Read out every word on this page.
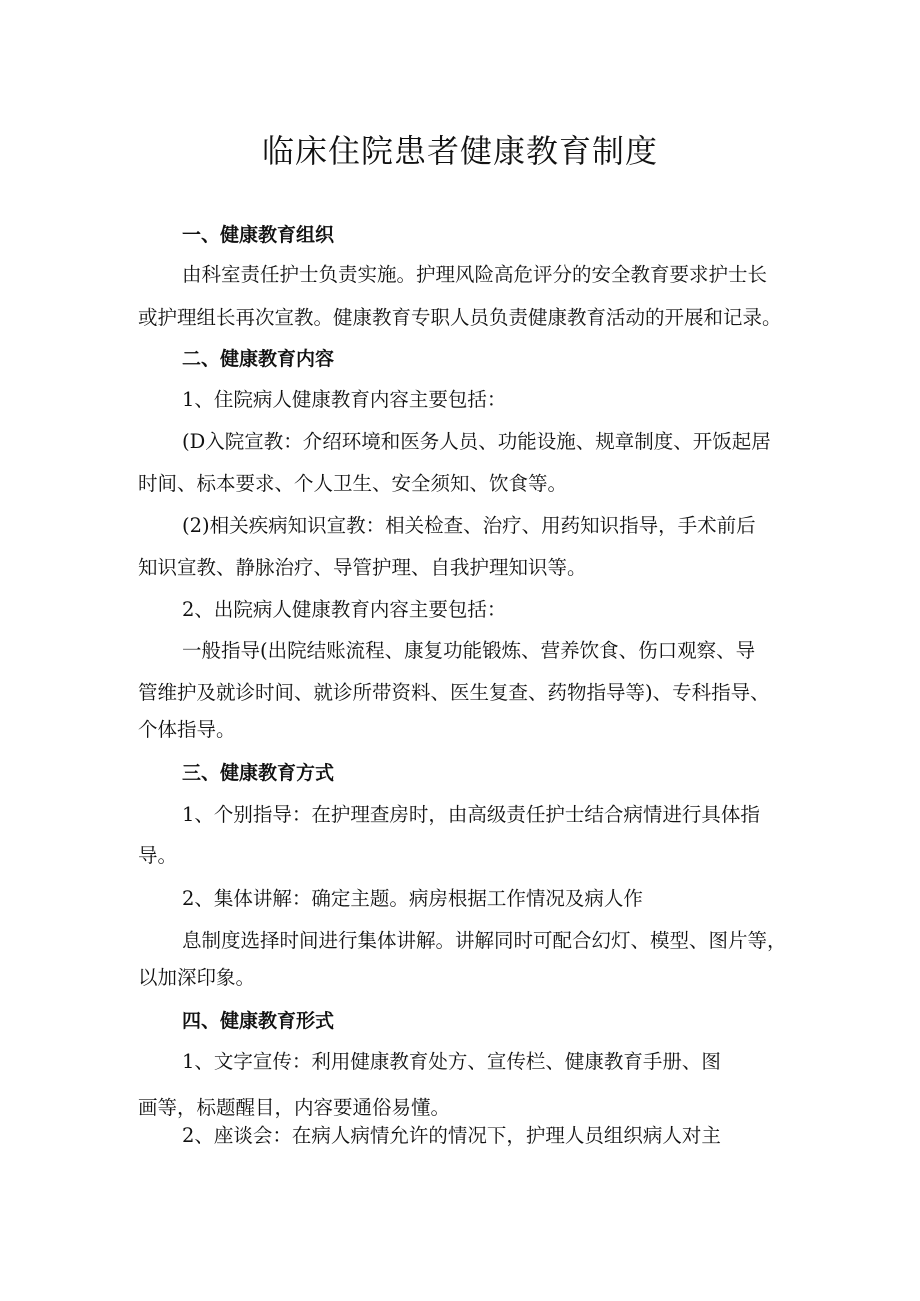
临床住院患者健康教育制度
一、健康教育组织
由科室责任护士负责实施。护理风险高危评分的安全教育要求护士长
或护理组长再次宣教。健康教育专职人员负责健康教育活动的开展和记录。
二、健康教育内容
1、住院病人健康教育内容主要包括：
(D入院宣教：介绍环境和医务人员、功能设施、规章制度、开饭起居
时间、标本要求、个人卫生、安全须知、饮食等。
(2)相关疾病知识宣教：相关检查、治疗、用药知识指导，手术前后
知识宣教、静脉治疗、导管护理、自我护理知识等。
2、出院病人健康教育内容主要包括：
一般指导(出院结账流程、康复功能锻炼、营养饮食、伤口观察、导
管维护及就诊时间、就诊所带资料、医生复查、药物指导等)、专科指导、
个体指导。
三、健康教育方式
1、个别指导：在护理查房时，由高级责任护士结合病情进行具体指
导。
2、集体讲解：确定主题。病房根据工作情况及病人作
息制度选择时间进行集体讲解。讲解同时可配合幻灯、模型、图片等，
以加深印象。
四、健康教育形式
1、文字宣传：利用健康教育处方、宣传栏、健康教育手册、图
画等，标题醒目，内容要通俗易懂。
2、座谈会：在病人病情允许的情况下，护理人员组织病人对主
